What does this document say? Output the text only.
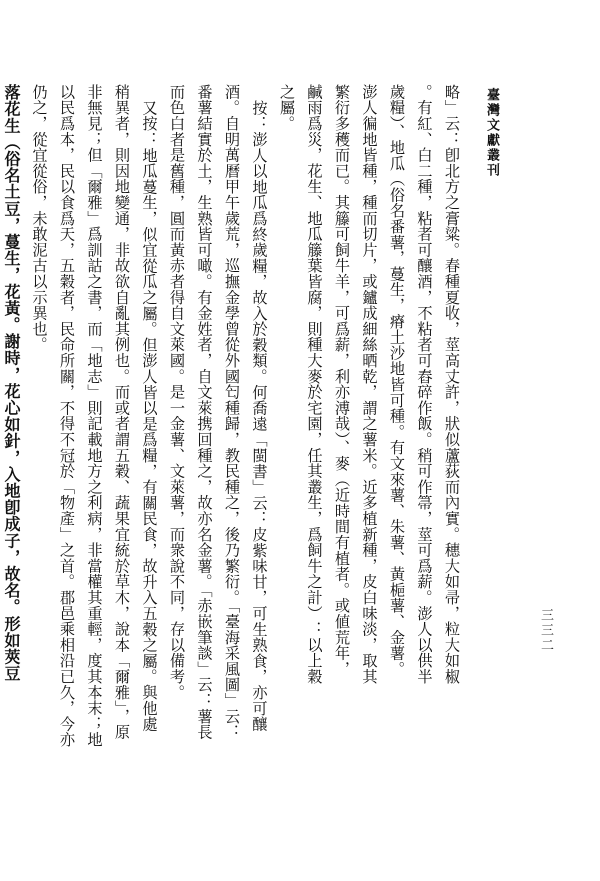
臺灣文獻叢刊
三三二
略」云：卽北方之膏粱。春種夏收，莖高丈許，狀似蘆荻而內實。穗大如帚，粒大如椒
。有紅、白二種，粘者可釀酒，不粘者可舂碎作飯。稍可作箒，莖可爲薪。澎人以供半
歲糧）、地瓜（俗名番薯，蔓生，瘠土沙地皆可種。有文來薯、朱薯、黃梔薯、金薯。
澎人徧地皆種，種而切片，或鑪成細絲晒乾，謂之薯米。近多植新種，皮白味淡，取其
繁衍多穫而已。其籐可飼牛羊，可爲薪，利亦溥哉）、麥（近時間有植者。或値荒年，
鹹雨爲災，花生、地瓜籐葉皆腐，則種大麥於宅園，任其叢生，爲飼牛之計）：以上穀
之屬。
按：澎人以地瓜爲終歲糧，故入於穀類。何喬遠「閩書」云：皮紫味甘，可生熟食，亦可釀
酒。自明萬曆甲午歲荒，巡撫金學曾從外國匄種歸，教民種之，後乃繁衍。「臺海采風圖」云：
番薯結實於土，生熟皆可噉。有金姓者，自文萊携回種之，故亦名金薯。「赤嵌筆談」云：薯長
而色白者是舊種，圓而黃赤者得自文萊國。是一金薯、文萊薯，而衆說不同，存以備考。
又按：地瓜蔓生，似宜從瓜之屬。但澎人皆以是爲糧，有關民食，故升入五穀之屬。與他處
稍異者，則因地變通，非故欲自亂其例也。而或者謂五穀、蔬果宜統於草木，說本「爾雅」，原
非無見；但「爾雅」爲訓詁之書，而「地志」則記載地方之利病，非當權其重輕，度其本末；地
以民爲本，民以食爲天，五穀者，民命所關，不得不冠於「物產」之首。郡邑乘相沿已久，今亦
仍之，從宜從俗，未敢泥古以示異也。
落花生（俗名土豆，蔓生，花黃。謝時，花心如針，入地卽成子，故名。形如莢豆
